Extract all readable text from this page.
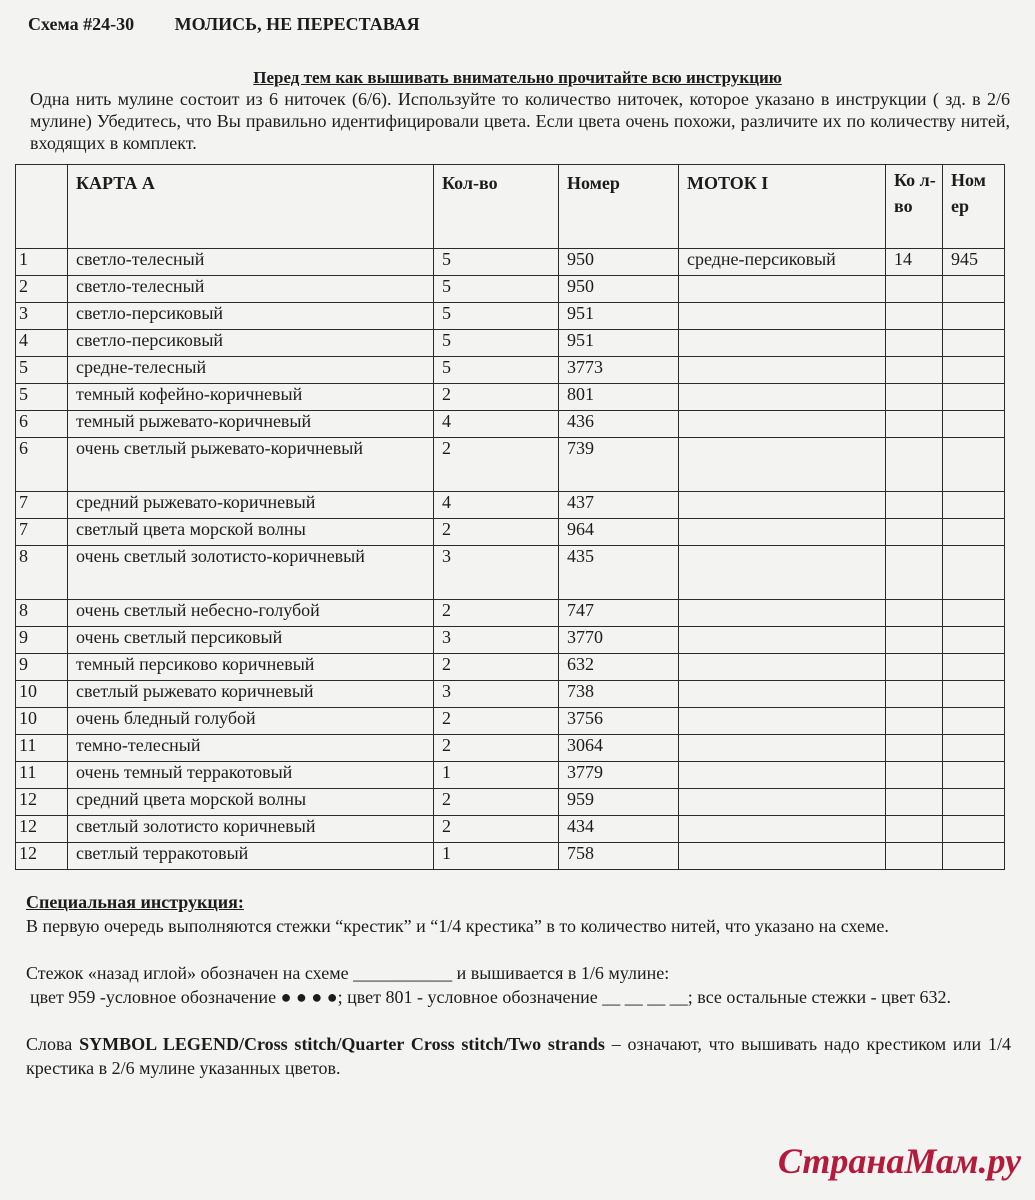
Схема #24-30 МОЛИСЬ, НЕ ПЕРЕСТАВАЯ
Перед тем как вышивать внимательно прочитайте всю инструкцию
Одна нить мулине состоит из 6 ниточек (6/6). Используйте то количество ниточек, которое указано в инструкции ( зд. в 2/6 мулине) Убедитесь, что Вы правильно идентифицировали цвета. Если цвета очень похожи, различите их по количеству нитей, входящих в комплект.
	КАРТА А	Кол-во	Номер	МОТОК I	Ко л- во	Ном ер
1	светло-телесный	5	950	средне-персиковый	14	945
2	светло-телесный	5	950			
3	светло-персиковый	5	951			
4	светло-персиковый	5	951			
5	средне-телесный	5	3773			
5	темный кофейно-коричневый	2	801			
6	темный рыжевато-коричневый	4	436			
6	очень светлый рыжевато-коричневый	2	739			
7	средний рыжевато-коричневый	4	437			
7	светлый цвета морской волны	2	964			
8	очень светлый золотисто-коричневый	3	435			
8	очень светлый небесно-голубой	2	747			
9	очень светлый персиковый	3	3770			
9	темный персиково коричневый	2	632			
10	светлый рыжевато коричневый	3	738			
10	очень бледный голубой	2	3756			
11	темно-телесный	2	3064			
11	очень темный терракотовый	1	3779			
12	средний цвета морской волны	2	959			
12	светлый золотисто коричневый	2	434			
12	светлый терракотовый	1	758			
Специальная инструкция:

В первую очередь выполняются стежки “крестик” и “1/4 крестика” в то количество нитей, что указано на схеме.

Стежок «назад иглой» обозначен на схеме ___________ и вышивается в 1/6 мулине:

цвет 959 -условное обозначение ● ● ● ●; цвет 801 - условное обозначение __ __ __ __; все остальные стежки - цвет 632.

Слова SYMBOL LEGEND/Cross stitch/Quarter Cross stitch/Two strands – означают, что вышивать надо крестиком или 1/4 крестика в 2/6 мулине указанных цветов.

СтранаМам.ру
